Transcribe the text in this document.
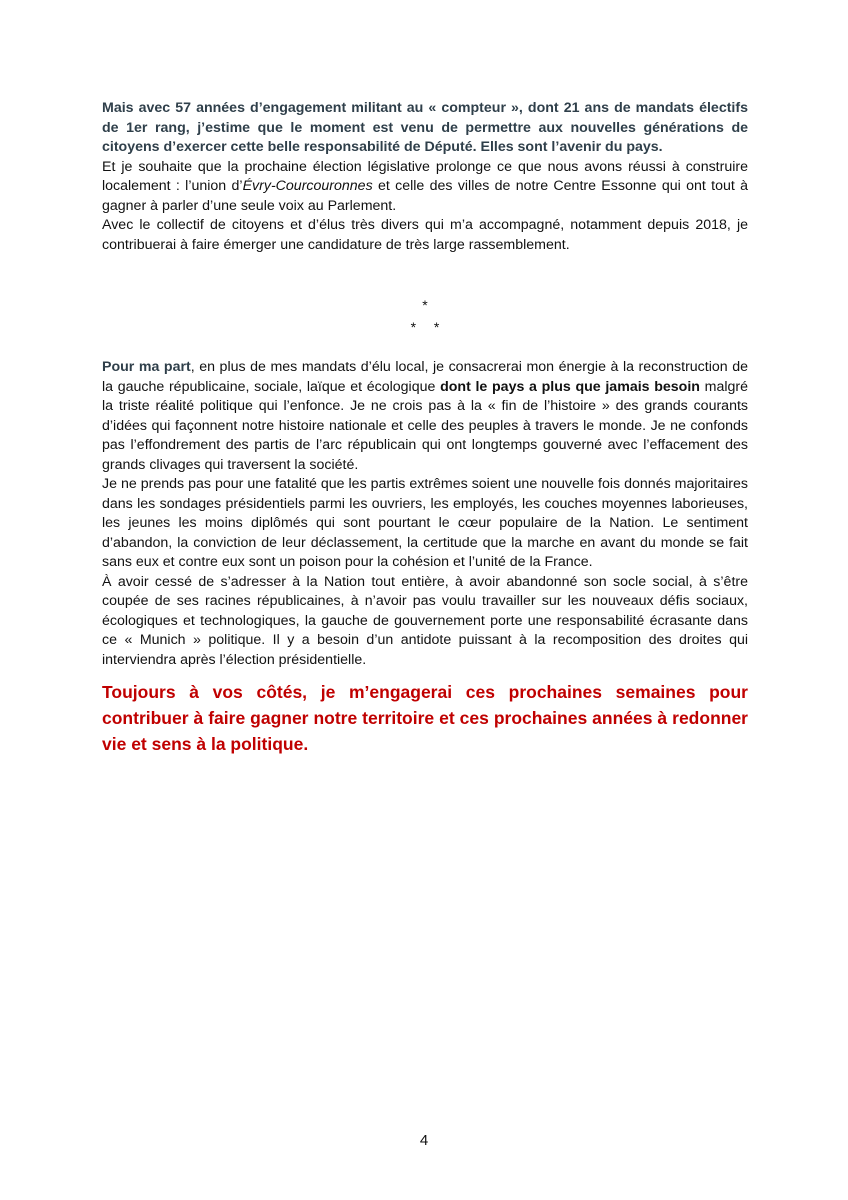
Mais avec 57 années d’engagement militant au « compteur », dont 21 ans de mandats électifs de 1er rang, j’estime que le moment est venu de permettre aux nouvelles générations de citoyens d’exercer cette belle responsabilité de Député. Elles sont l’avenir du pays.

Et je souhaite que la prochaine élection législative prolonge ce que nous avons réussi à construire localement : l’union d’Évry-Courcouronnes et celle des villes de notre Centre Essonne qui ont tout à gagner à parler d’une seule voix au Parlement.

Avec le collectif de citoyens et d’élus très divers qui m’a accompagné, notamment depuis 2018, je contribuerai à faire émerger une candidature de très large rassemblement.

*
* *

Pour ma part, en plus de mes mandats d’élu local, je consacrerai mon énergie à la reconstruction de la gauche républicaine, sociale, laïque et écologique dont le pays a plus que jamais besoin malgré la triste réalité politique qui l’enfonce. Je ne crois pas à la « fin de l’histoire » des grands courants d’idées qui façonnent notre histoire nationale et celle des peuples à travers le monde. Je ne confonds pas l’effondrement des partis de l’arc républicain qui ont longtemps gouverné avec l’effacement des grands clivages qui traversent la société.

Je ne prends pas pour une fatalité que les partis extrêmes soient une nouvelle fois donnés majoritaires dans les sondages présidentiels parmi les ouvriers, les employés, les couches moyennes laborieuses, les jeunes les moins diplômés qui sont pourtant le cœur populaire de la Nation. Le sentiment d’abandon, la conviction de leur déclassement, la certitude que la marche en avant du monde se fait sans eux et contre eux sont un poison pour la cohésion et l’unité de la France.

À avoir cessé de s’adresser à la Nation tout entière, à avoir abandonné son socle social, à s’être coupée de ses racines républicaines, à n’avoir pas voulu travailler sur les nouveaux défis sociaux, écologiques et technologiques, la gauche de gouvernement porte une responsabilité écrasante dans ce « Munich » politique. Il y a besoin d’un antidote puissant à la recomposition des droites qui interviendra après l’élection présidentielle.

Toujours à vos côtés, je m’engagerai ces prochaines semaines pour contribuer à faire gagner notre territoire et ces prochaines années à redonner vie et sens à la politique.
4
